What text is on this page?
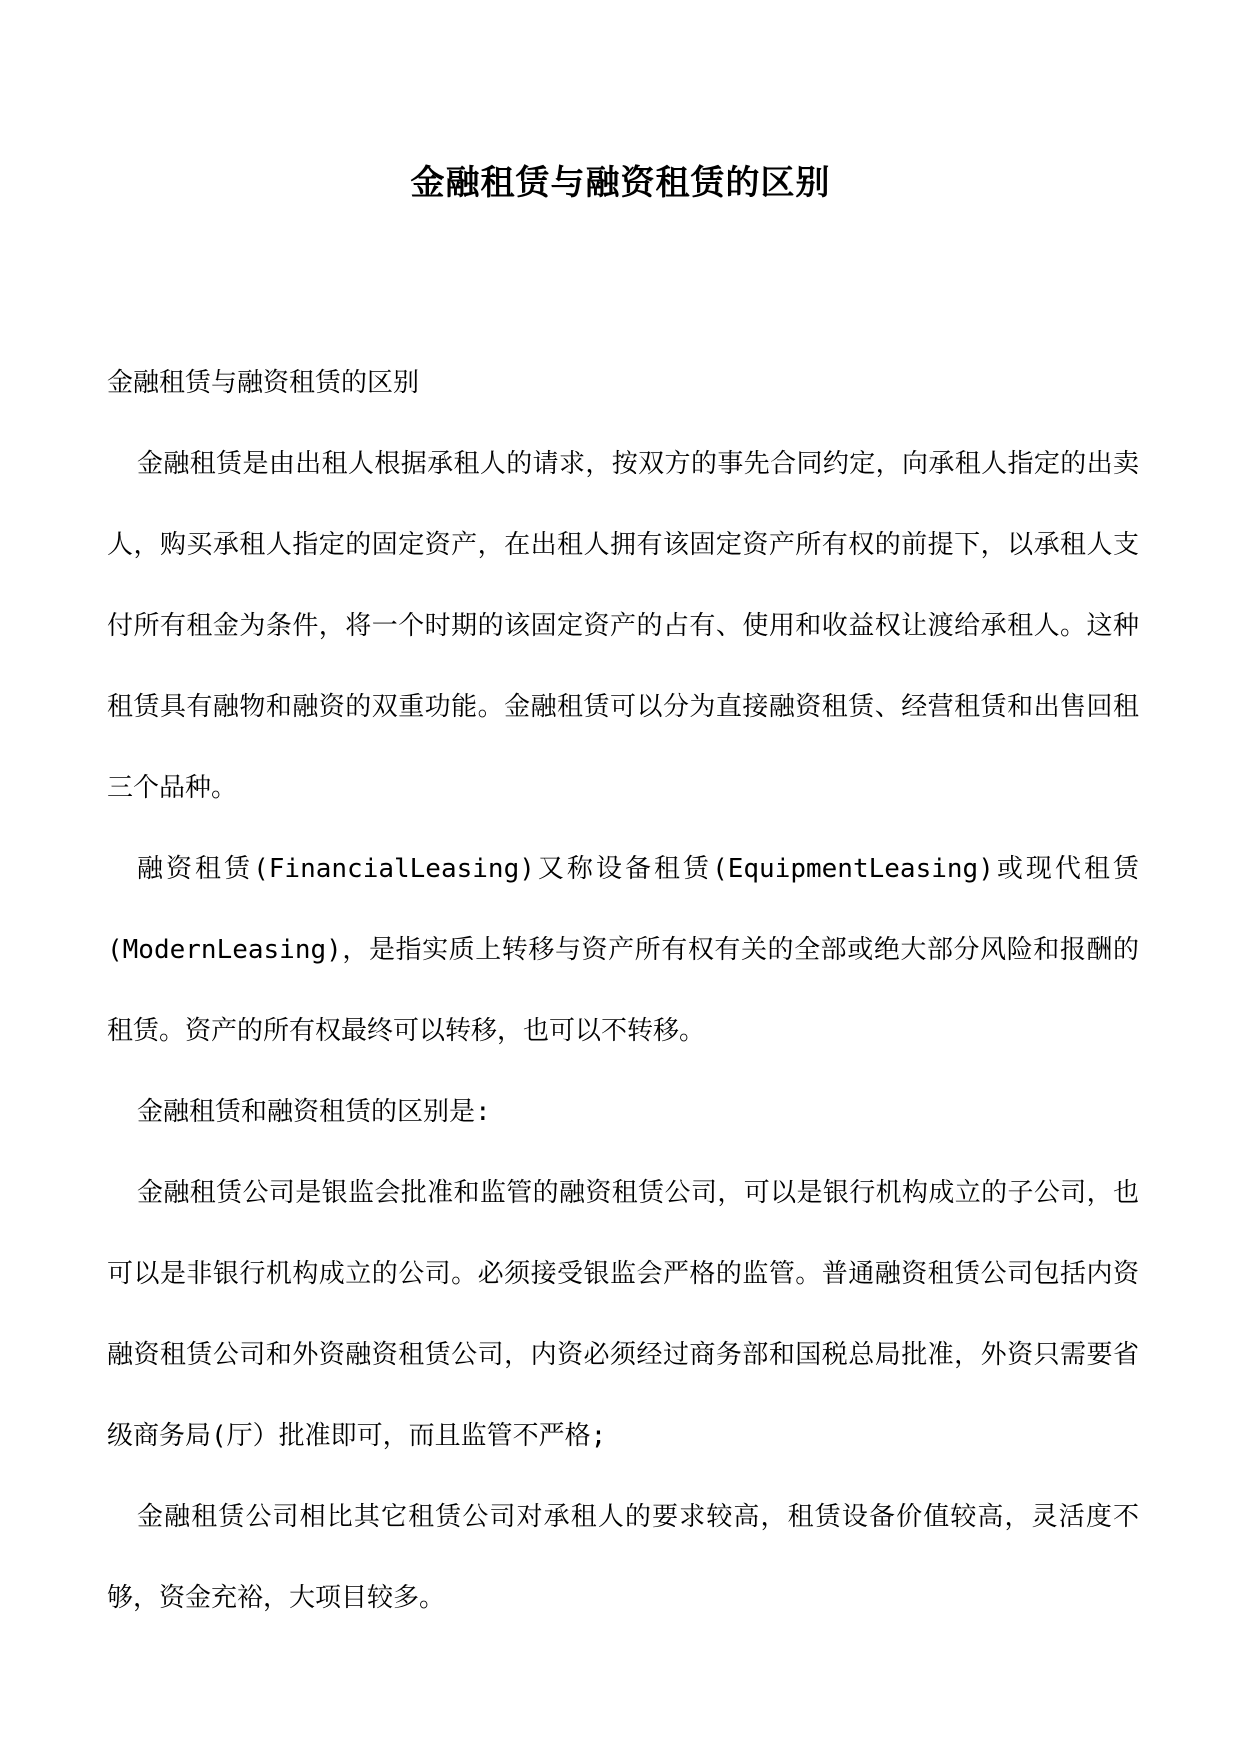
金融租赁与融资租赁的区别

金融租赁与融资租赁的区别

金融租赁是由出租人根据承租人的请求，按双方的事先合同约定，向承租人指定的出卖人，购买承租人指定的固定资产，在出租人拥有该固定资产所有权的前提下，以承租人支付所有租金为条件，将一个时期的该固定资产的占有、使用和收益权让渡给承租人。这种租赁具有融物和融资的双重功能。金融租赁可以分为直接融资租赁、经营租赁和出售回租三个品种。

融资租赁(FinancialLeasing)又称设备租赁(EquipmentLeasing)或现代租赁(ModernLeasing)，是指实质上转移与资产所有权有关的全部或绝大部分风险和报酬的租赁。资产的所有权最终可以转移，也可以不转移。

金融租赁和融资租赁的区别是:

金融租赁公司是银监会批准和监管的融资租赁公司，可以是银行机构成立的子公司，也可以是非银行机构成立的公司。必须接受银监会严格的监管。普通融资租赁公司包括内资融资租赁公司和外资融资租赁公司，内资必须经过商务部和国税总局批准，外资只需要省级商务局(厅）批准即可，而且监管不严格;

金融租赁公司相比其它租赁公司对承租人的要求较高，租赁设备价值较高，灵活度不够，资金充裕，大项目较多。
